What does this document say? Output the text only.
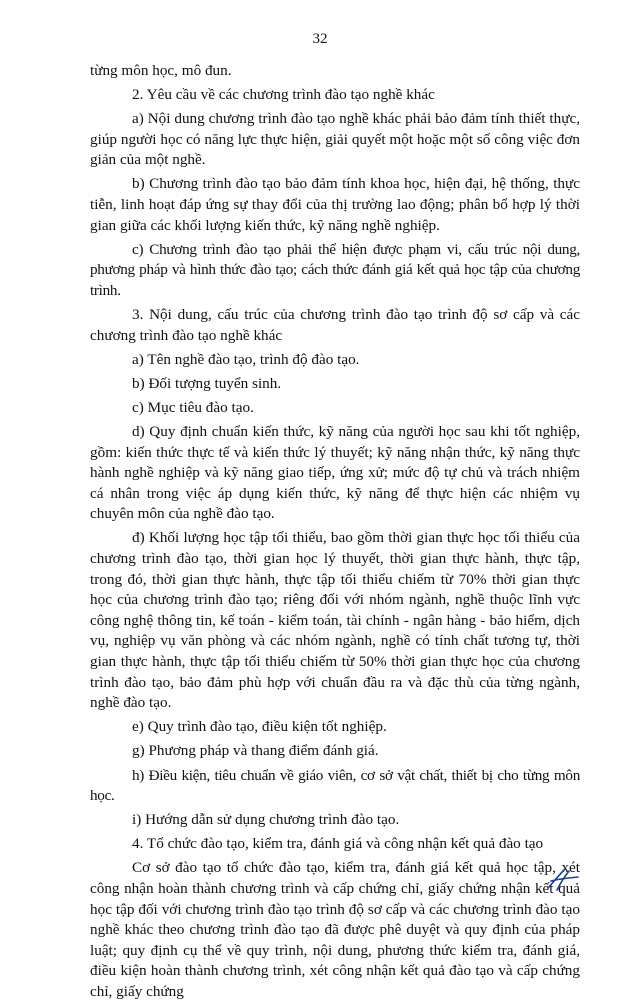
32

từng môn học, mô đun.

2. Yêu cầu về các chương trình đào tạo nghề khác

a) Nội dung chương trình đào tạo nghề khác phải bảo đảm tính thiết thực, giúp người học có năng lực thực hiện, giải quyết một hoặc một số công việc đơn giản của một nghề.

b) Chương trình đào tạo bảo đảm tính khoa học, hiện đại, hệ thống, thực tiễn, linh hoạt đáp ứng sự thay đổi của thị trường lao động; phân bổ hợp lý thời gian giữa các khối lượng kiến thức, kỹ năng nghề nghiệp.

c) Chương trình đào tạo phải thể hiện được phạm vi, cấu trúc nội dung, phương pháp và hình thức đào tạo; cách thức đánh giá kết quả học tập của chương trình.

3. Nội dung, cấu trúc của chương trình đào tạo trình độ sơ cấp và các chương trình đào tạo nghề khác

a) Tên nghề đào tạo, trình độ đào tạo.

b) Đối tượng tuyển sinh.

c) Mục tiêu đào tạo.

d) Quy định chuẩn kiến thức, kỹ năng của người học sau khi tốt nghiệp, gồm: kiến thức thực tế và kiến thức lý thuyết; kỹ năng nhận thức, kỹ năng thực hành nghề nghiệp và kỹ năng giao tiếp, ứng xử; mức độ tự chủ và trách nhiệm cá nhân trong việc áp dụng kiến thức, kỹ năng để thực hiện các nhiệm vụ chuyên môn của nghề đào tạo.

đ) Khối lượng học tập tối thiểu, bao gồm thời gian thực học tối thiểu của chương trình đào tạo, thời gian học lý thuyết, thời gian thực hành, thực tập, trong đó, thời gian thực hành, thực tập tối thiểu chiếm từ 70% thời gian thực học của chương trình đào tạo; riêng đối với nhóm ngành, nghề thuộc lĩnh vực công nghệ thông tin, kế toán - kiểm toán, tài chính - ngân hàng - bảo hiểm, dịch vụ, nghiệp vụ văn phòng và các nhóm ngành, nghề có tính chất tương tự, thời gian thực hành, thực tập tối thiểu chiếm từ 50% thời gian thực học của chương trình đào tạo, bảo đảm phù hợp với chuẩn đầu ra và đặc thù của từng ngành, nghề đào tạo.

e) Quy trình đào tạo, điều kiện tốt nghiệp.

g) Phương pháp và thang điểm đánh giá.

h) Điều kiện, tiêu chuẩn về giáo viên, cơ sở vật chất, thiết bị cho từng môn học.

i) Hướng dẫn sử dụng chương trình đào tạo.

4. Tổ chức đào tạo, kiểm tra, đánh giá và công nhận kết quả đào tạo

Cơ sở đào tạo tổ chức đào tạo, kiểm tra, đánh giá kết quả học tập, xét công nhận hoàn thành chương trình và cấp chứng chỉ, giấy chứng nhận kết quả học tập đối với chương trình đào tạo trình độ sơ cấp và các chương trình đào tạo nghề khác theo chương trình đào tạo đã được phê duyệt và quy định của pháp luật; quy định cụ thể về quy trình, nội dung, phương thức kiểm tra, đánh giá, điều kiện hoàn thành chương trình, xét công nhận kết quả đào tạo và cấp chứng chỉ, giấy chứng
